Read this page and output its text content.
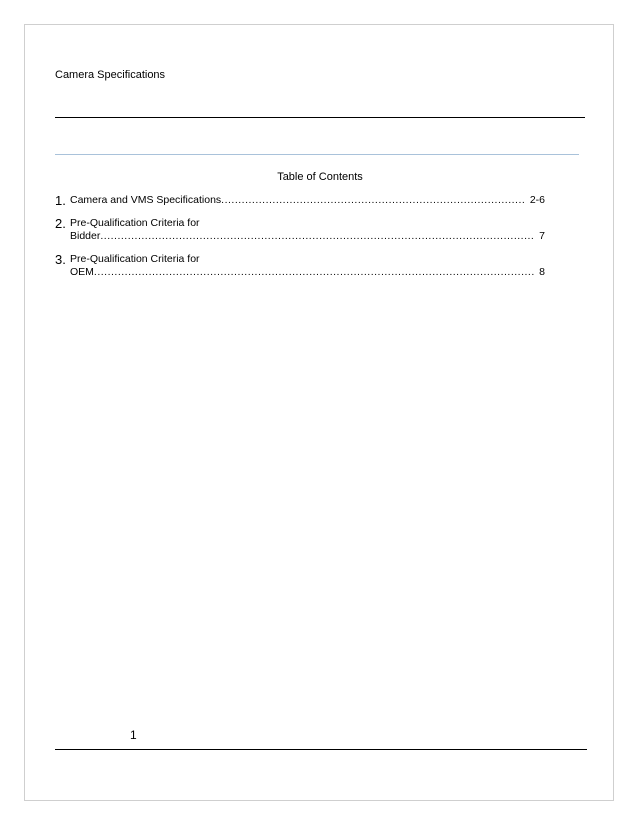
Camera Specifications
Table of Contents
1. Camera and VMS Specifications .....	2-6
2. Pre-Qualification Criteria for
Bidder .....	7
3. Pre-Qualification Criteria for
OEM .....	8
1
